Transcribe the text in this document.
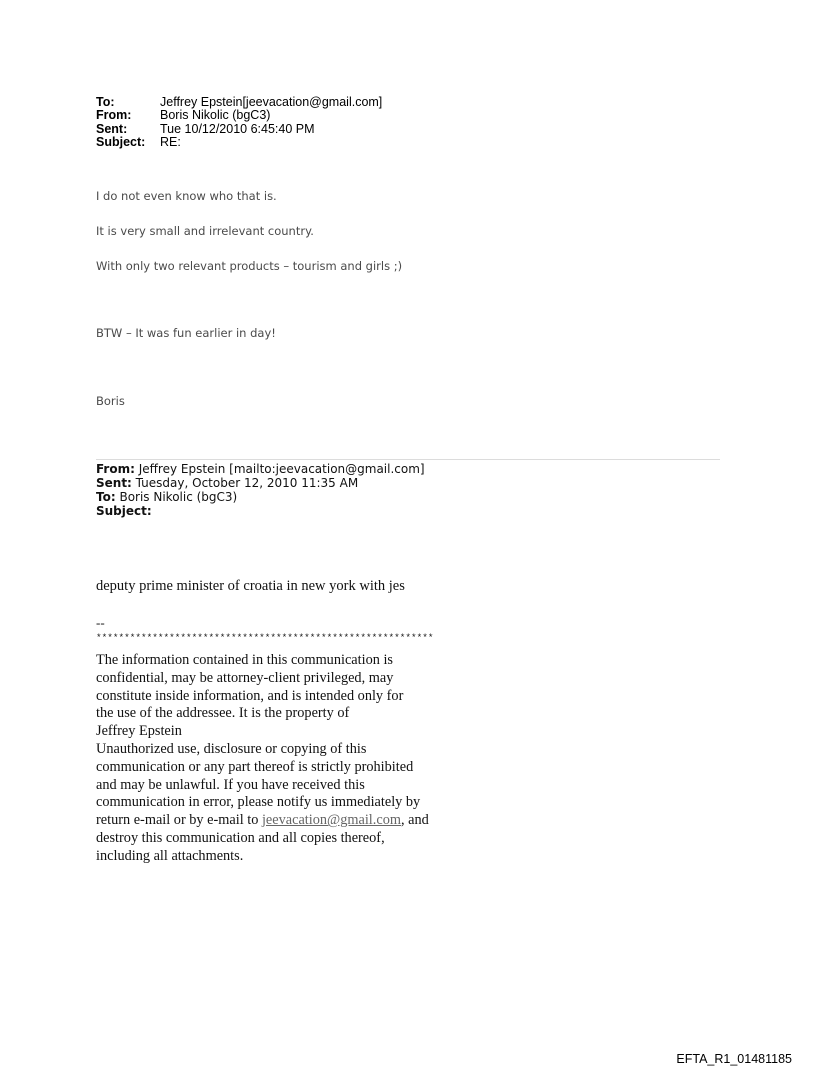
To:	Jeffrey Epstein[jeevacation@gmail.com]
From:	Boris Nikolic (bgC3)
Sent:	Tue 10/12/2010 6:45:40 PM
Subject:	RE:
I do not even know who that is.
It is very small and irrelevant country.
With only two relevant products – tourism and girls ;)
BTW – It was fun earlier in day!
Boris
From: Jeffrey Epstein [mailto:jeevacation@gmail.com]
Sent: Tuesday, October 12, 2010 11:35 AM
To: Boris Nikolic (bgC3)
Subject:
deputy prime minister of croatia in new york with jes
--
************************************************************
The information contained in this communication is
confidential, may be attorney-client privileged, may
constitute inside information, and is intended only for
the use of the addressee. It is the property of
Jeffrey Epstein
Unauthorized use, disclosure or copying of this
communication or any part thereof is strictly prohibited
and may be unlawful. If you have received this
communication in error, please notify us immediately by
return e-mail or by e-mail to jeevacation@gmail.com, and
destroy this communication and all copies thereof,
including all attachments.
EFTA_R1_01481185
